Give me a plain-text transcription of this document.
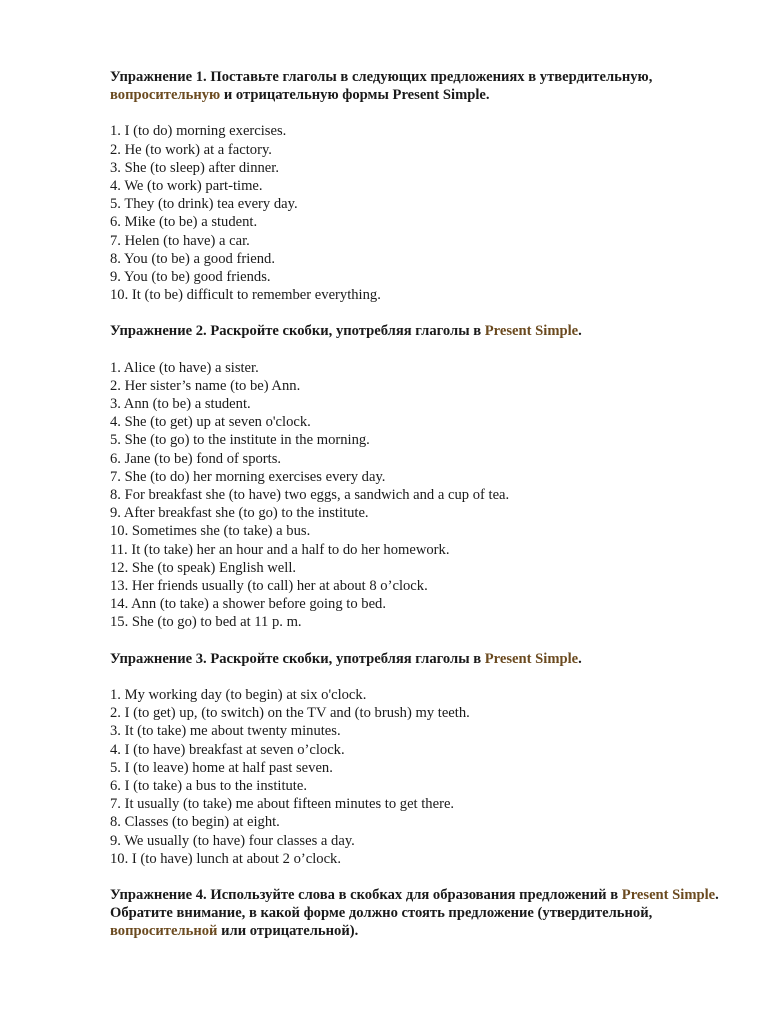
Упражнение 1. Поставьте глаголы в следующих предложениях в утвердительную, вопросительную и отрицательную формы Present Simple.

1. I (to do) morning exercises.
2. He (to work) at a factory.
3. She (to sleep) after dinner.
4. We (to work) part-time.
5. They (to drink) tea every day.
6. Mike (to be) a student.
7. Helen (to have) a car.
8. You (to be) a good friend.
9. You (to be) good friends.
10. It (to be) difficult to remember everything.

Упражнение 2. Раскройте скобки, употребляя глаголы в Present Simple.

1. Alice (to have) a sister.
2. Her sister’s name (to be) Ann.
3. Ann (to be) a student.
4. She (to get) up at seven o'clock.
5. She (to go) to the institute in the morning.
6. Jane (to be) fond of sports.
7. She (to do) her morning exercises every day.
8. For breakfast she (to have) two eggs, a sandwich and a cup of tea.
9. After breakfast she (to go) to the institute.
10. Sometimes she (to take) a bus.
11. It (to take) her an hour and a half to do her homework.
12. She (to speak) English well.
13. Her friends usually (to call) her at about 8 o’clock.
14. Ann (to take) a shower before going to bed.
15. She (to go) to bed at 11 p. m.

Упражнение 3. Раскройте скобки, употребляя глаголы в Present Simple.

1. My working day (to begin) at six o'clock.
2. I (to get) up, (to switch) on the TV and (to brush) my teeth.
3. It (to take) me about twenty minutes.
4. I (to have) breakfast at seven o’clock.
5. I (to leave) home at half past seven.
6. I (to take) a bus to the institute.
7. It usually (to take) me about fifteen minutes to get there.
8. Classes (to begin) at eight.
9. We usually (to have) four classes a day.
10. I (to have) lunch at about 2 o’clock.

Упражнение 4. Используйте слова в скобках для образования предложений в Present Simple. Обратите внимание, в какой форме должно стоять предложение (утвердительной, вопросительной или отрицательной).
